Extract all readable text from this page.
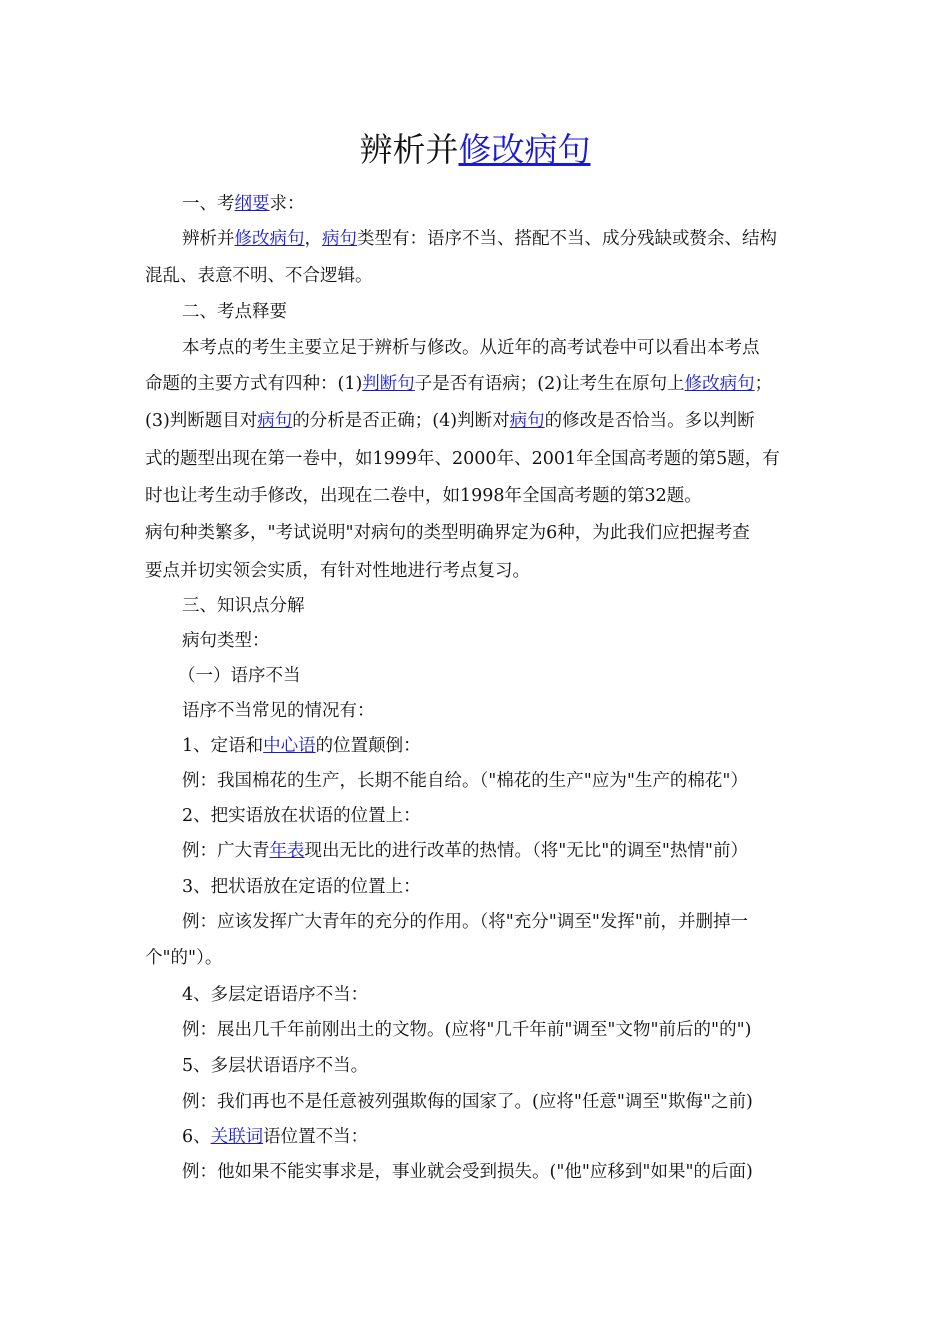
辨析并修改病句
一、考纲要求：
辨析并修改病句，病句类型有：语序不当、搭配不当、成分残缺或赘余、结构
混乱、表意不明、不合逻辑。
二、考点释要
本考点的考生主要立足于辨析与修改。从近年的高考试卷中可以看出本考点
命题的主要方式有四种：(1)判断句子是否有语病；(2)让考生在原句上修改病句；
(3)判断题目对病句的分析是否正确；(4)判断对病句的修改是否恰当。多以判断
式的题型出现在第一卷中，如1999年、2000年、2001年全国高考题的第5题，有
时也让考生动手修改，出现在二卷中，如1998年全国高考题的第32题。
病句种类繁多，"考试说明"对病句的类型明确界定为6种，为此我们应把握考查
要点并切实领会实质，有针对性地进行考点复习。
三、知识点分解
病句类型：
（一）语序不当
语序不当常见的情况有：
1、定语和中心语的位置颠倒：
例：我国棉花的生产，长期不能自给。（"棉花的生产"应为"生产的棉花"）
2、把实语放在状语的位置上：
例：广大青年表现出无比的进行改革的热情。（将"无比"的调至"热情"前）
3、把状语放在定语的位置上：
例：应该发挥广大青年的充分的作用。（将"充分"调至"发挥"前，并删掉一
个"的"）。
4、多层定语语序不当：
例：展出几千年前刚出土的文物。(应将"几千年前"调至"文物"前后的"的")
5、多层状语语序不当。
例：我们再也不是任意被列强欺侮的国家了。(应将"任意"调至"欺侮"之前)
6、关联词语位置不当：
例：他如果不能实事求是，事业就会受到损失。("他"应移到"如果"的后面)
